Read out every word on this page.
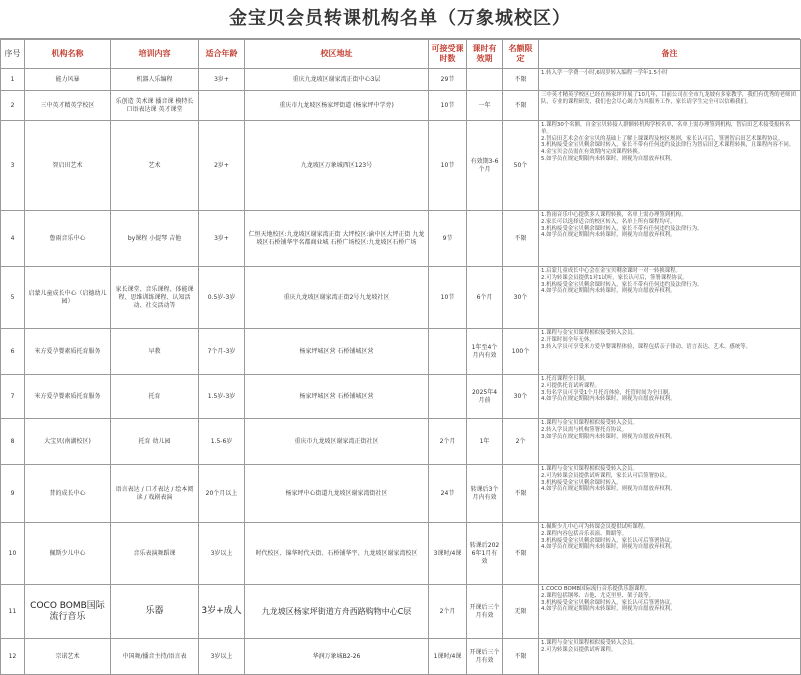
金宝贝会员转课机构名单（万象城校区）
序号	机构名称	培训内容	适合年龄	校区地址	可接受课时数	课时有效期	名额限定	备注
1	能力风暴	机器人乐编程	3岁+	重庆九龙坡区谢家湾正街中心3层	29节		不限	1.转入学一学费一小时,6周岁转入编程一学年1.5小时

2	三中英才精英学校区	乐创造 美术课 播音课 模特长 口语表达课 英才课堂		重庆市九龙坡区杨家坪街道 (杨家坪中学旁)	10节	一年	不限	三中英才精英学校区已经在杨家坪开展了10几年，目前公司在全市九龙坡有多家教学，我们有优秀的老师团队，专业的课程研发，我们也会尽心竭力为其服务工作，家长请学生完全可以信赖我们。

3	智启田艺术	艺术	2岁+	九龙坡区万象城西区123号	10节	有效期3-6个月	50个	1.课程30个名额，自金宝贝转接人群额转机构学校名单，名单上需办理签到机构，智启田艺术接受报转名单。
2.智启田艺术会在金宝贝的基础上了解上课课程及校区规则，家长认可后，签署智启田艺术课程协议。
3.机构接受金宝贝剩余课时转入，家长不带有任何违约及法律行为智启田艺术课程转换，且课程内容不同。
4.金宝贝会员需在有效期内完成课程转换。
5.如学员在规定期限内未转课时，则视为自愿放弃权利。

4	鲁雨音乐中心	by课程 小提琴 吉他	3岁+	仁恒天地校区:九龙坡区谢家湾正街 大坪校区:渝中区大坪正街 九龙坡区石桥铺华宇名都商业城 石桥广场校区:九龙坡区石桥广场	9节		不限	1.鲁雨音乐中心提供多人课程转换，名单上需办理签到机构。
2.家长可以选择适合的校区转入，名单上所有课程均可。
3.机构接受金宝贝剩余课时转入，家长不带有任何违约及法律行为。
4.如学员在规定期限内未转课时，则视为自愿放弃权利。

5	启蒙儿童成长中心（启德幼儿园）	家长课堂、音乐课程、体能课程、思维训练课程、认知活动、社交活动等	0.5岁-3岁	重庆九龙坡区谢家湾正街2号九龙坡社区	10节	6个月	30个	1.启蒙儿童成长中心会在金宝贝剩余课时一对一转换课程。
2.可为转课会员提供1对1试听，家长认可后，签署课程协议。
3.机构接受金宝贝剩余课时转入，家长不带有任何违约及法律行为。
4.如学员在规定期限内未转课时，则视为自愿放弃权利。

6	米方爱孕婴素质托育服务	早教	7个月-3岁	杨家坪城区营 石桥铺城区营		1年至4个月内有效	100个	1.课程与金宝贝课程相似接受转入会员。
2.开课时间全年无休。
3.转入学员可享受米方爱孕婴课程体验，课程包括亲子律动、语言表达、艺术、感统等。

7	米方爱孕婴素质托育服务	托育	1.5岁-3岁	杨家坪城区营 石桥铺城区营		2025年4月前	30个	1.托育课程全日制。
2.可提供托育试听课程。
3.每名学员可享受1个月托育体验，托管时间为全日制。
4.如学员在规定期限内未转课时，则视为自愿放弃权利。

8	大宝贝(南湖校区)	托育 幼儿园	1.5-6岁	重庆市九龙坡区谢家湾正街社区	2个月	1年	2个	1.课程与金宝贝课程相似接受转入会员。
2.转入学员需与机构签署托育协议。
3.如学员在规定期限内未转课时，则视为自愿放弃权利。

9	昔的成长中心	语言表达 / 口才表达 / 绘本阅读 / 戏剧表演	20个月以上	杨家坪中心街道九龙坡区谢家湾街社区	24节	转课后3个月内有效	不限	1.课程与金宝贝课程相似接受转入会员。
2.可为转课会员提供试听课程，家长认可后签署协议。
3.机构接受金宝贝剩余课时转入。
4.如学员在规定期限内未转课时，则视为自愿放弃权利。

10	佩斯少儿中心	音乐表演舞蹈课	3岁以上	时代校区、锦华时代天街、石桥铺华宇、九龙坡区谢家湾校区	3课时/4课	转课后2026年1月有效	不限	1.佩斯少儿中心可为转课会员提供试听课程。
2.课程内容包括音乐表演、舞蹈等。
3.机构接受金宝贝剩余课时转入，家长认可后签署协议。
4.如学员在规定期限内未转课时，则视为自愿放弃权利。

11	COCO BOMB国际流行音乐	乐器	3岁+成人	九龙坡区杨家坪街道方舟西路购物中心C层	2个月	开课后三个月有效	无限	1.COCO BOMB国际流行音乐提供乐器课程。
2.课程包括钢琴、吉他、尤克里里、架子鼓等。
3.机构接受金宝贝剩余课时转入，家长认可后签署协议。
4.如学员在规定期限内未转课时，则视为自愿放弃权利。

12	宗诺艺术	中国舞/播音主持/语言表	3岁以上	华润万象城B2-26	1课时/4课	开课后三个月有效	不限	1.课程与金宝贝课程相似接受转入会员。
2.可为转课会员提供试听课程。
